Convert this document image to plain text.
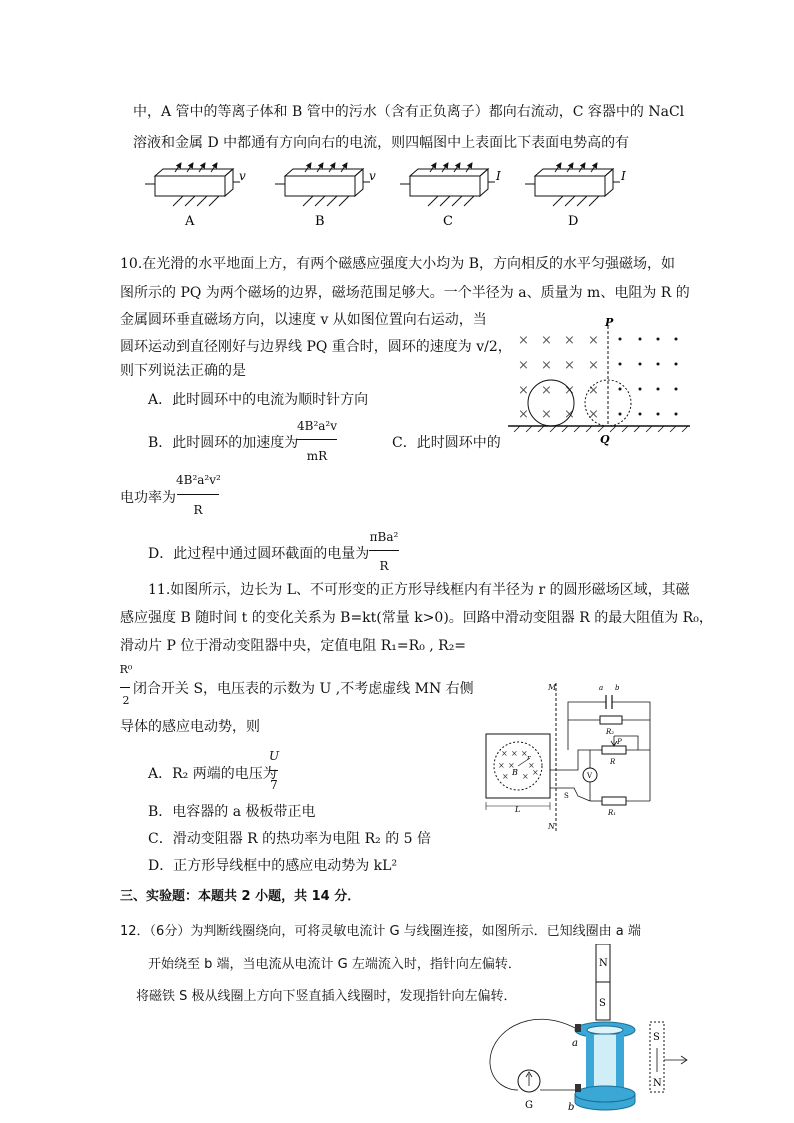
中，A 管中的等离子体和 B 管中的污水（含有正负离子）都向右流动，C 容器中的 NaCl
溶液和金属 D 中都通有方向向右的电流，则四幅图中上表面比下表面电势高的有
v	v	I	I
A	B	C	D
10.在光滑的水平地面上方，有两个磁感应强度大小均为 B，方向相反的水平匀强磁场，如
图所示的 PQ 为两个磁场的边界，磁场范围足够大。一个半径为 a、质量为 m、电阻为 R 的
金属圆环垂直磁场方向，以速度 v 从如图位置向右运动，当
圆环运动到直径刚好与边界线 PQ 重合时，圆环的速度为 v/2，
则下列说法正确的是
A．此时圆环中的电流为顺时针方向
B．此时圆环的加速度为
4B²a²v
mR
C．此时圆环中的
电功率为
4B²a²v²
R
D．此过程中通过圆环截面的电量为
πBa²
R
× × × ×
× × × ×
× × × ×
× × × ×
P
Q
11.如图所示，边长为 L、不可形变的正方形导线框内有半径为 r 的圆形磁场区域，其磁
感应强度 B 随时间 t 的变化关系为 B=kt(常量 k>0)。回路中滑动变阻器 R 的最大阻值为 R₀，
滑动片 P 位于滑动变阻器中央，定值电阻 R₁=R₀ , R₂=
R⁰
2
闭合开关 S，电压表的示数为 U ,不考虑虚线 MN 右侧
导体的感应电动势，则
A．R₂ 两端的电压为
U
7
B．电容器的 a 极板带正电
C．滑动变阻器 R 的热功率为电阻 R₂ 的 5 倍
D．正方形导线框中的感应电动势为 kL²
M
N
× × ×
× × ×
× × ×
B
r
L
a b
R₂
P
R
V
S
R₁
三、实验题：本题共 2 小题，共 14 分．
12．（6分）为判断线圈绕向，可将灵敏电流计 G 与线圈连接，如图所示．已知线圈由 a 端
开始绕至 b 端，当电流从电流计 G 左端流入时，指针向左偏转．
将磁铁 S 极从线圈上方向下竖直插入线圈时，发现指针向左偏转．
N
S
a
b
G
S
N
